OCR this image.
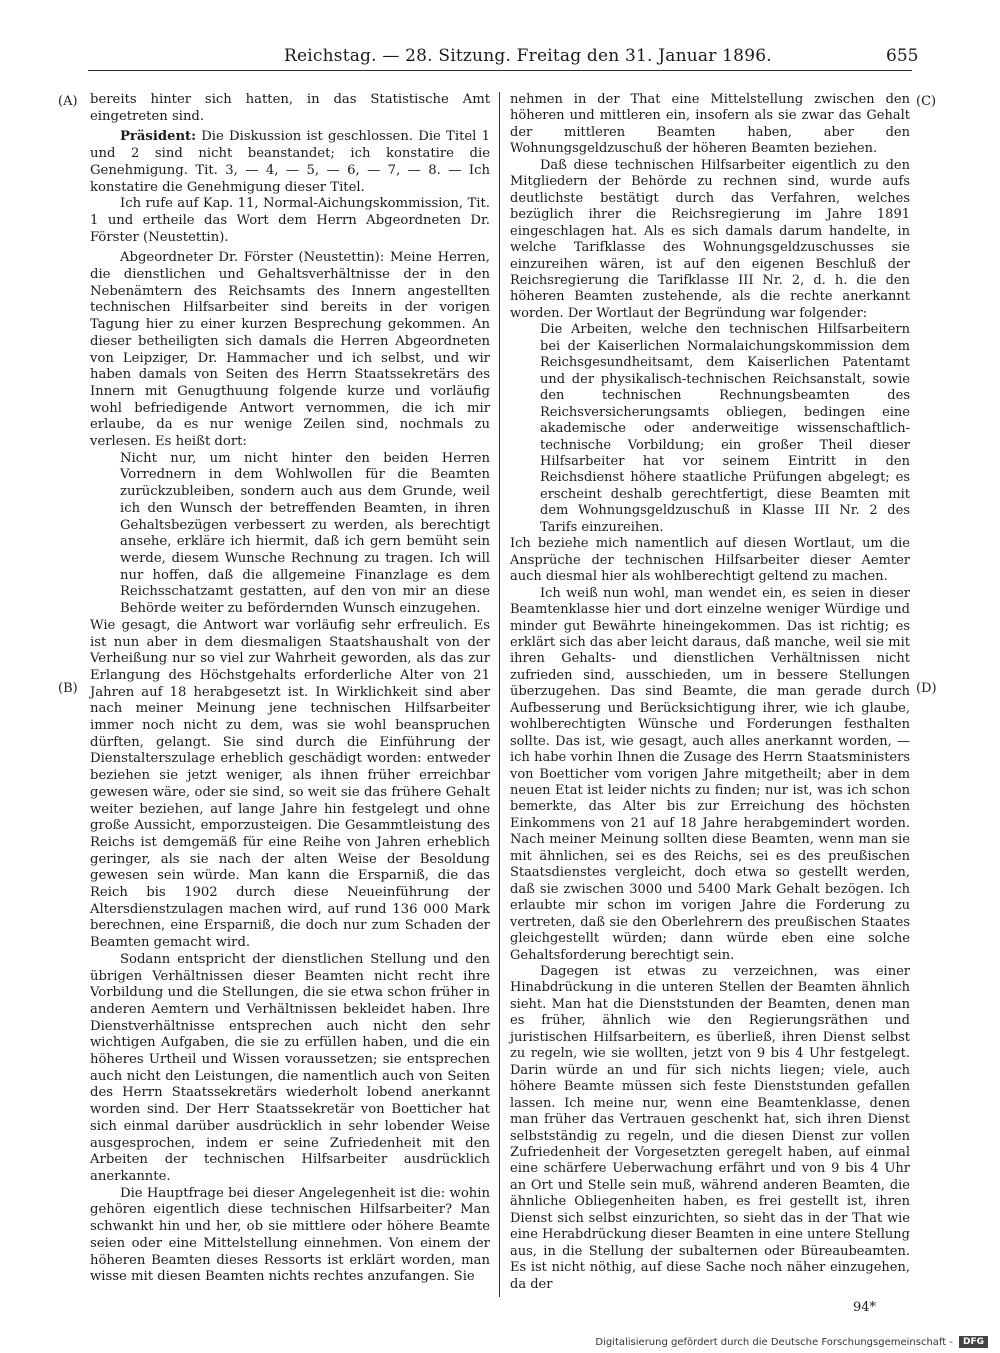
Reichstag. — 28. Sitzung. Freitag den 31. Januar 1896.	655
(A)
(B)
(C)
(D)

bereits hinter sich hatten, in das Statistische Amt eingetreten sind.

Präsident: Die Diskussion ist geschlossen. Die Titel 1 und 2 sind nicht beanstandet; ich konstatire die Genehmigung. Tit. 3, — 4, — 5, — 6, — 7, — 8. — Ich konstatire die Genehmigung dieser Titel.

Ich rufe auf Kap. 11, Normal-Aichungskommission, Tit. 1 und ertheile das Wort dem Herrn Abgeordneten Dr. Förster (Neustettin).

Abgeordneter Dr. Förster (Neustettin): Meine Herren, die dienstlichen und Gehaltsverhältnisse der in den Nebenämtern des Reichsamts des Innern angestellten technischen Hilfsarbeiter sind bereits in der vorigen Tagung hier zu einer kurzen Besprechung gekommen. An dieser betheiligten sich damals die Herren Abgeordneten von Leipziger, Dr. Hammacher und ich selbst, und wir haben damals von Seiten des Herrn Staatssekretärs des Innern mit Genugthuung folgende kurze und vorläufig wohl befriedigende Antwort vernommen, die ich mir erlaube, da es nur wenige Zeilen sind, nochmals zu verlesen. Es heißt dort:

Nicht nur, um nicht hinter den beiden Herren Vorrednern in dem Wohlwollen für die Beamten zurückzubleiben, sondern auch aus dem Grunde, weil ich den Wunsch der betreffenden Beamten, in ihren Gehaltsbezügen verbessert zu werden, als berechtigt ansehe, erkläre ich hiermit, daß ich gern bemüht sein werde, diesem Wunsche Rechnung zu tragen. Ich will nur hoffen, daß die allgemeine Finanzlage es dem Reichsschatzamt gestatten, auf den von mir an diese Behörde weiter zu befördernden Wunsch einzugehen.

Wie gesagt, die Antwort war vorläufig sehr erfreulich. Es ist nun aber in dem diesmaligen Staatshaushalt von der Verheißung nur so viel zur Wahrheit geworden, als das zur Erlangung des Höchstgehalts erforderliche Alter von 21 Jahren auf 18 herabgesetzt ist. In Wirklichkeit sind aber nach meiner Meinung jene technischen Hilfsarbeiter immer noch nicht zu dem, was sie wohl beanspruchen dürften, gelangt. Sie sind durch die Einführung der Dienstalterszulage erheblich geschädigt worden: entweder beziehen sie jetzt weniger, als ihnen früher erreichbar gewesen wäre, oder sie sind, so weit sie das frühere Gehalt weiter beziehen, auf lange Jahre hin festgelegt und ohne große Aussicht, emporzusteigen. Die Gesammtleistung des Reichs ist demgemäß für eine Reihe von Jahren erheblich geringer, als sie nach der alten Weise der Besoldung gewesen sein würde. Man kann die Ersparniß, die das Reich bis 1902 durch diese Neueinführung der Altersdienstzulagen machen wird, auf rund 136 000 Mark berechnen, eine Ersparniß, die doch nur zum Schaden der Beamten gemacht wird.

Sodann entspricht der dienstlichen Stellung und den übrigen Verhältnissen dieser Beamten nicht recht ihre Vorbildung und die Stellungen, die sie etwa schon früher in anderen Aemtern und Verhältnissen bekleidet haben. Ihre Dienstverhältnisse entsprechen auch nicht den sehr wichtigen Aufgaben, die sie zu erfüllen haben, und die ein höheres Urtheil und Wissen voraussetzen; sie entsprechen auch nicht den Leistungen, die namentlich auch von Seiten des Herrn Staatssekretärs wiederholt lobend anerkannt worden sind. Der Herr Staatssekretär von Boetticher hat sich einmal darüber ausdrücklich in sehr lobender Weise ausgesprochen, indem er seine Zufriedenheit mit den Arbeiten der technischen Hilfsarbeiter ausdrücklich anerkannte.

Die Hauptfrage bei dieser Angelegenheit ist die: wohin gehören eigentlich diese technischen Hilfsarbeiter? Man schwankt hin und her, ob sie mittlere oder höhere Beamte seien oder eine Mittelstellung einnehmen. Von einem der höheren Beamten dieses Ressorts ist erklärt worden, man wisse mit diesen Beamten nichts rechtes anzufangen. Sie

nehmen in der That eine Mittelstellung zwischen den höheren und mittleren ein, insofern als sie zwar das Gehalt der mittleren Beamten haben, aber den Wohnungsgeldzuschuß der höheren Beamten beziehen.

Daß diese technischen Hilfsarbeiter eigentlich zu den Mitgliedern der Behörde zu rechnen sind, wurde aufs deutlichste bestätigt durch das Verfahren, welches bezüglich ihrer die Reichsregierung im Jahre 1891 eingeschlagen hat. Als es sich damals darum handelte, in welche Tarifklasse des Wohnungsgeldzuschusses sie einzureihen wären, ist auf den eigenen Beschluß der Reichsregierung die Tarifklasse III Nr. 2, d. h. die den höheren Beamten zustehende, als die rechte anerkannt worden. Der Wortlaut der Begründung war folgender:

Die Arbeiten, welche den technischen Hilfsarbeitern bei der Kaiserlichen Normalaichungskommission dem Reichsgesundheitsamt, dem Kaiserlichen Patentamt und der physikalisch-technischen Reichsanstalt, sowie den technischen Rechnungsbeamten des Reichsversicherungsamts obliegen, bedingen eine akademische oder anderweitige wissenschaftlich-technische Vorbildung; ein großer Theil dieser Hilfsarbeiter hat vor seinem Eintritt in den Reichsdienst höhere staatliche Prüfungen abgelegt; es erscheint deshalb gerechtfertigt, diese Beamten mit dem Wohnungsgeldzuschuß in Klasse III Nr. 2 des Tarifs einzureihen.

Ich beziehe mich namentlich auf diesen Wortlaut, um die Ansprüche der technischen Hilfsarbeiter dieser Aemter auch diesmal hier als wohlberechtigt geltend zu machen.

Ich weiß nun wohl, man wendet ein, es seien in dieser Beamtenklasse hier und dort einzelne weniger Würdige und minder gut Bewährte hineingekommen. Das ist richtig; es erklärt sich das aber leicht daraus, daß manche, weil sie mit ihren Gehalts- und dienstlichen Verhältnissen nicht zufrieden sind, ausschieden, um in bessere Stellungen überzugehen. Das sind Beamte, die man gerade durch Aufbesserung und Berücksichtigung ihrer, wie ich glaube, wohlberechtigten Wünsche und Forderungen festhalten sollte. Das ist, wie gesagt, auch alles anerkannt worden, — ich habe vorhin Ihnen die Zusage des Herrn Staatsministers von Boetticher vom vorigen Jahre mitgetheilt; aber in dem neuen Etat ist leider nichts zu finden; nur ist, was ich schon bemerkte, das Alter bis zur Erreichung des höchsten Einkommens von 21 auf 18 Jahre herabgemindert worden. Nach meiner Meinung sollten diese Beamten, wenn man sie mit ähnlichen, sei es des Reichs, sei es des preußischen Staatsdienstes vergleicht, doch etwa so gestellt werden, daß sie zwischen 3000 und 5400 Mark Gehalt bezögen. Ich erlaubte mir schon im vorigen Jahre die Forderung zu vertreten, daß sie den Oberlehrern des preußischen Staates gleichgestellt würden; dann würde eben eine solche Gehaltsforderung berechtigt sein.

Dagegen ist etwas zu verzeichnen, was einer Hinabdrückung in die unteren Stellen der Beamten ähnlich sieht. Man hat die Dienststunden der Beamten, denen man es früher, ähnlich wie den Regierungsräthen und juristischen Hilfsarbeitern, es überließ, ihren Dienst selbst zu regeln, wie sie wollten, jetzt von 9 bis 4 Uhr festgelegt. Darin würde an und für sich nichts liegen; viele, auch höhere Beamte müssen sich feste Dienststunden gefallen lassen. Ich meine nur, wenn eine Beamtenklasse, denen man früher das Vertrauen geschenkt hat, sich ihren Dienst selbstständig zu regeln, und die diesen Dienst zur vollen Zufriedenheit der Vorgesetzten geregelt haben, auf einmal eine schärfere Ueberwachung erfährt und von 9 bis 4 Uhr an Ort und Stelle sein muß, während anderen Beamten, die ähnliche Obliegenheiten haben, es frei gestellt ist, ihren Dienst sich selbst einzurichten, so sieht das in der That wie eine Herabdrückung dieser Beamten in eine untere Stellung aus, in die Stellung der subalternen oder Büreaubeamten. Es ist nicht nöthig, auf diese Sache noch näher einzugehen, da der

94*
Digitalisierung gefördert durch die Deutsche Forschungsgemeinschaft -	DFG
